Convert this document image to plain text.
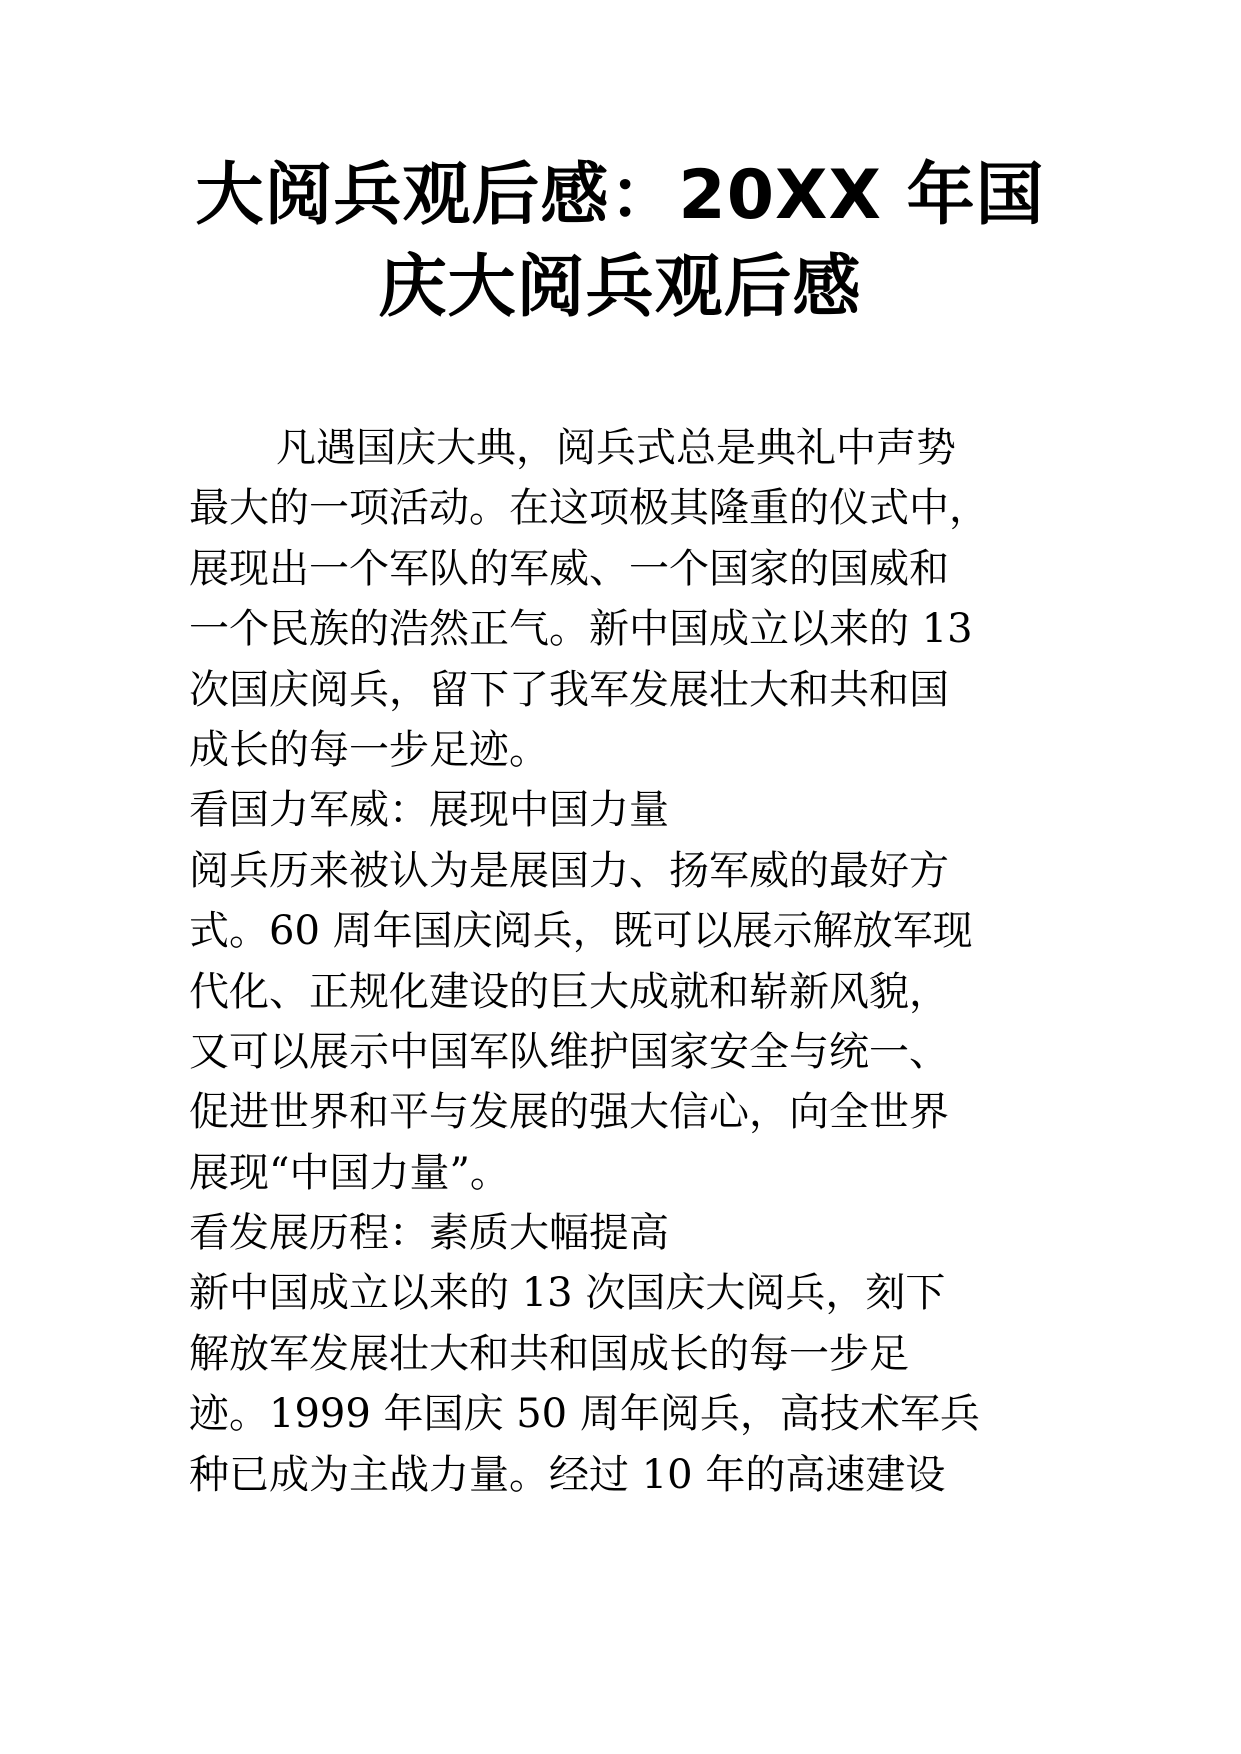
大阅兵观后感：20XX 年国
庆大阅兵观后感
凡遇国庆大典，阅兵式总是典礼中声势
最大的一项活动。在这项极其隆重的仪式中，
展现出一个军队的军威、一个国家的国威和
一个民族的浩然正气。新中国成立以来的 13
次国庆阅兵，留下了我军发展壮大和共和国
成长的每一步足迹。
看国力军威：展现中国力量
阅兵历来被认为是展国力、扬军威的最好方
式。60 周年国庆阅兵，既可以展示解放军现
代化、正规化建设的巨大成就和崭新风貌，
又可以展示中国军队维护国家安全与统一、
促进世界和平与发展的强大信心，向全世界
展现“中国力量”。
看发展历程：素质大幅提高
新中国成立以来的 13 次国庆大阅兵，刻下
解放军发展壮大和共和国成长的每一步足
迹。1999 年国庆 50 周年阅兵，高技术军兵
种已成为主战力量。经过 10 年的高速建设
